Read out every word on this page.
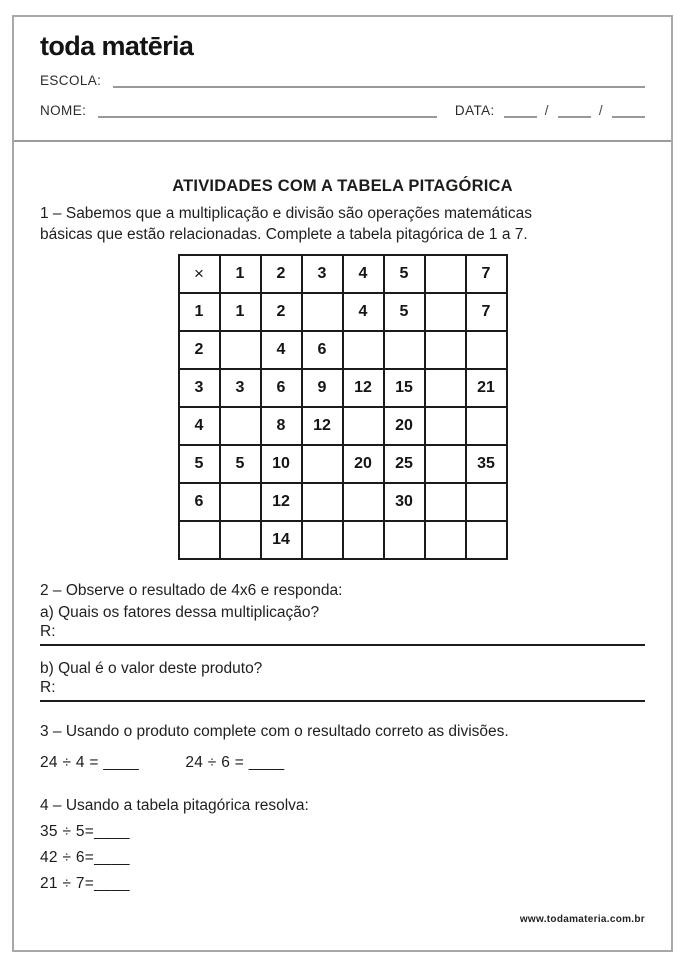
toda matēria
ESCOLA:
NOME:	DATA:	/	/
ATIVIDADES COM A TABELA PITAGÓRICA
1 – Sabemos que a multiplicação e divisão são operações matemáticas
básicas que estão relacionadas. Complete a tabela pitagórica de 1 a 7.
×	1	2	3	4	5		7
1	1	2		4	5		7
2		4	6				
3	3	6	9	12	15		21
4		8	12		20		
5	5	10		20	25		35
6		12			30		
		14					
2 – Observe o resultado de 4x6 e responda:
a) Quais os fatores dessa multiplicação?
R:
b) Qual é o valor deste produto?
R:
3 – Usando o produto complete com o resultado correto as divisões.
24 ÷ 4 = ____	24 ÷ 6 = ____
4 – Usando a tabela pitagórica resolva:
35 ÷ 5=____
42 ÷ 6=____
21 ÷ 7=____
www.todamateria.com.br
